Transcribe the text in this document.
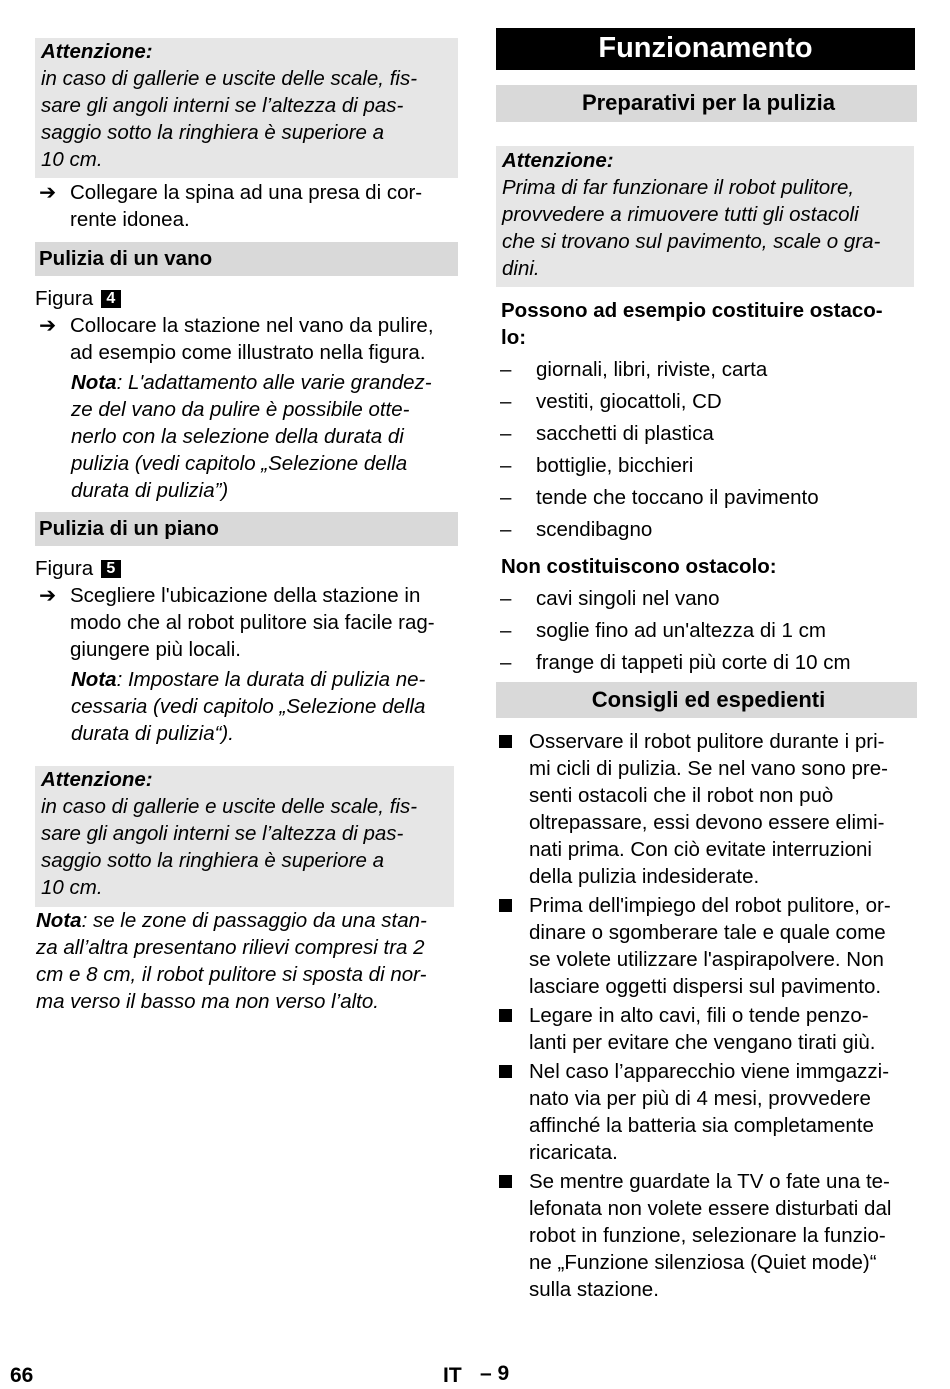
Attenzione:
in caso di gallerie e uscite delle scale, fis-
sare gli angoli interni se l’altezza di pas-
saggio sotto la ringhiera è superiore a
10 cm.
➔ Collegare la spina ad una presa di cor-
rente idonea.
Pulizia di un vano
Figura 4
➔ Collocare la stazione nel vano da pulire,
ad esempio come illustrato nella figura.
Nota: L'adattamento alle varie grandez-
ze del vano da pulire è possibile otte-
nerlo con la selezione della durata di
pulizia (vedi capitolo „Selezione della
durata di pulizia”)
Pulizia di un piano
Figura 5
➔ Scegliere l'ubicazione della stazione in
modo che al robot pulitore sia facile rag-
giungere più locali.
Nota: Impostare la durata di pulizia ne-
cessaria (vedi capitolo „Selezione della
durata di pulizia“).
Attenzione:
in caso di gallerie e uscite delle scale, fis-
sare gli angoli interni se l’altezza di pas-
saggio sotto la ringhiera è superiore a
10 cm.
Nota: se le zone di passaggio da una stan-
za all’altra presentano rilievi compresi tra 2
cm e 8 cm, il robot pulitore si sposta di nor-
ma verso il basso ma non verso l’alto.
Funzionamento
Preparativi per la pulizia
Attenzione:
Prima di far funzionare il robot pulitore,
provvedere a rimuovere tutti gli ostacoli
che si trovano sul pavimento, scale o gra-
dini.
Possono ad esempio costituire ostaco-
lo:
– giornali, libri, riviste, carta
– vestiti, giocattoli, CD
– sacchetti di plastica
– bottiglie, bicchieri
– tende che toccano il pavimento
– scendibagno
Non costituiscono ostacolo:
– cavi singoli nel vano
– soglie fino ad un'altezza di 1 cm
– frange di tappeti più corte di 10 cm
Consigli ed espedienti
Osservare il robot pulitore durante i pri-
mi cicli di pulizia. Se nel vano sono pre-
senti ostacoli che il robot non può
oltrepassare, essi devono essere elimi-
nati prima. Con ciò evitate interruzioni
della pulizia indesiderate.
Prima dell'impiego del robot pulitore, or-
dinare o sgomberare tale e quale come
se volete utilizzare l'aspirapolvere. Non
lasciare oggetti dispersi sul pavimento.
Legare in alto cavi, fili o tende penzo-
lanti per evitare che vengano tirati giù.
Nel caso l’apparecchio viene immgazzi-
nato via per più di 4 mesi, provvedere
affinché la batteria sia completamente
ricaricata.
Se mentre guardate la TV o fate una te-
lefonata non volete essere disturbati dal
robot in funzione, selezionare la funzio-
ne „Funzione silenziosa (Quiet mode)“
sulla stazione.
66	IT – 9
